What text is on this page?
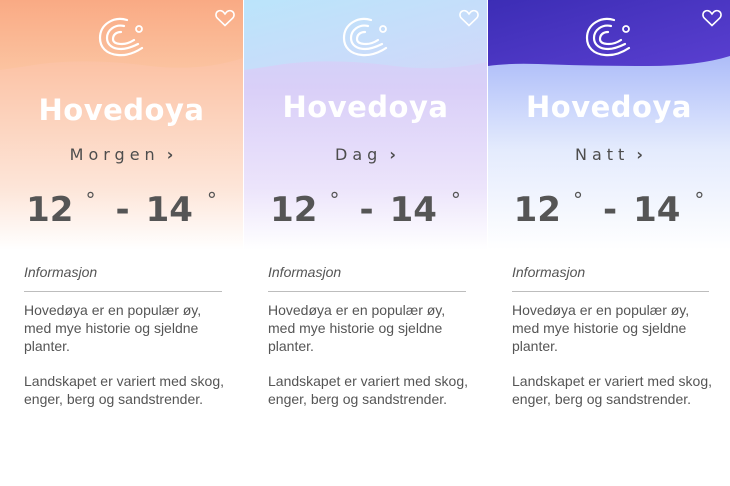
Hovedoya
Morgen ›
12 ° - 14 °
Informasjon
Hovedøya er en populær øy, med mye historie og sjeldne planter.
Landskapet er variert med skog, enger, berg og sandstrender.
Hovedoya
Dag ›
12 ° - 14 °
Informasjon
Hovedøya er en populær øy, med mye historie og sjeldne planter.
Landskapet er variert med skog, enger, berg og sandstrender.
Hovedoya
Natt ›
12 ° - 14 °
Informasjon
Hovedøya er en populær øy, med mye historie og sjeldne planter.
Landskapet er variert med skog, enger, berg og sandstrender.
